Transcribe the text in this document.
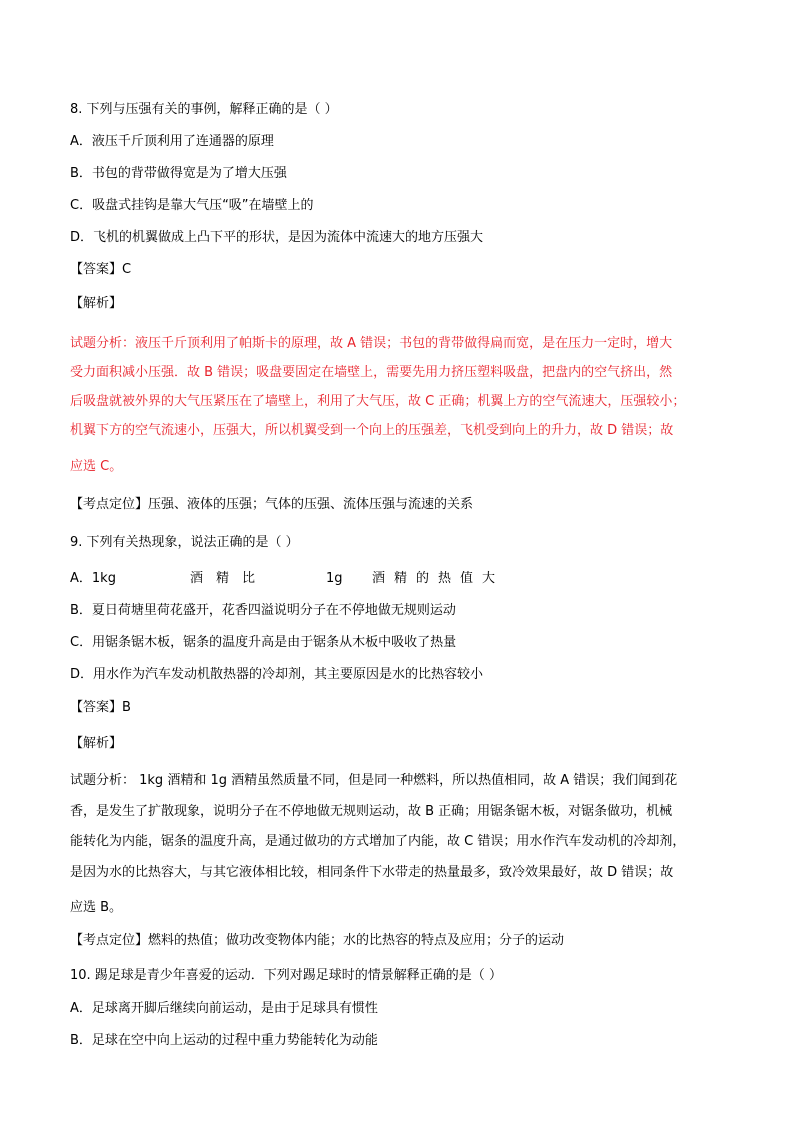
8. 下列与压强有关的事例，解释正确的是（ ）
A．液压千斤顶利用了连通器的原理
B．书包的背带做得宽是为了增大压强
C．吸盘式挂钩是靠大气压“吸”在墙壁上的
D．飞机的机翼做成上凸下平的形状，是因为流体中流速大的地方压强大
【答案】C
【解析】
试题分析：液压千斤顶利用了帕斯卡的原理，故 A 错误；书包的背带做得扁而宽，是在压力一定时，增大
受力面积减小压强．故 B 错误；吸盘要固定在墙壁上，需要先用力挤压塑料吸盘，把盘内的空气挤出，然
后吸盘就被外界的大气压紧压在了墙壁上，利用了大气压，故 C 正确；机翼上方的空气流速大，压强较小；
机翼下方的空气流速小，压强大，所以机翼受到一个向上的压强差，飞机受到向上的升力，故 D 错误；故
应选 C。
【考点定位】压强、液体的压强；气体的压强、流体压强与流速的关系
9. 下列有关热现象，说法正确的是（ ）
A．1kg	酒 精 比	1g 酒 精 的 热 值 大
B．夏日荷塘里荷花盛开，花香四溢说明分子在不停地做无规则运动
C．用锯条锯木板，锯条的温度升高是由于锯条从木板中吸收了热量
D．用水作为汽车发动机散热器的冷却剂，其主要原因是水的比热容较小
【答案】B
【解析】
试题分析： 1kg 酒精和 1g 酒精虽然质量不同，但是同一种燃料，所以热值相同，故 A 错误；我们闻到花
香，是发生了扩散现象，说明分子在不停地做无规则运动，故 B 正确；用锯条锯木板，对锯条做功，机械
能转化为内能，锯条的温度升高，是通过做功的方式增加了内能，故 C 错误；用水作汽车发动机的冷却剂，
是因为水的比热容大，与其它液体相比较，相同条件下水带走的热量最多，致冷效果最好，故 D 错误；故
应选 B。
【考点定位】燃料的热值；做功改变物体内能；水的比热容的特点及应用；分子的运动
10. 踢足球是青少年喜爱的运动．下列对踢足球时的情景解释正确的是（ ）
A．足球离开脚后继续向前运动，是由于足球具有惯性
B．足球在空中向上运动的过程中重力势能转化为动能
